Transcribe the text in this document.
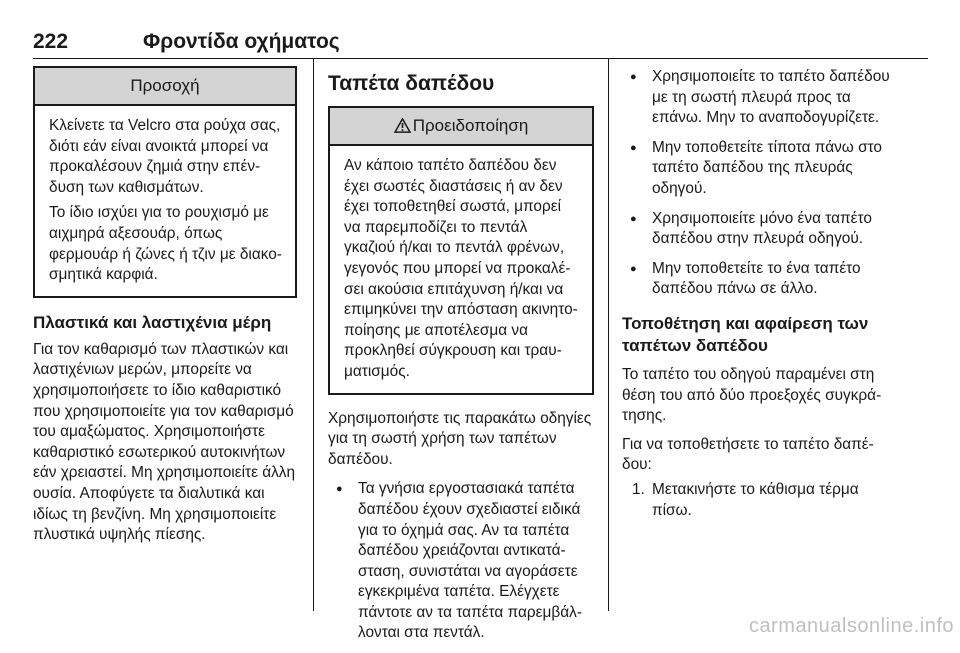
222	Φροντίδα οχήματος
Προσοχή

Κλείνετε τα Velcro στα ρούχα σας, διότι εάν είναι ανοικτά μπορεί να προκαλέσουν ζημιά στην επένδυση των καθισμάτων.

Το ίδιο ισχύει για το ρουχισμό με αιχμηρά αξεσουάρ, όπως φερμουάρ ή ζώνες ή τζιν με διακοσμητικά καρφιά.

Πλαστικά και λαστιχένια μέρη

Για τον καθαρισμό των πλαστικών και λαστιχένιων μερών, μπορείτε να χρησιμοποιήσετε το ίδιο καθαριστικό που χρησιμοποιείτε για τον καθαρισμό του αμαξώματος. Χρησιμοποιήστε καθαριστικό εσωτερικού αυτοκινήτων εάν χρειαστεί. Μη χρησιμοποιείτε άλλη ουσία. Αποφύγετε τα διαλυτικά και ιδίως τη βενζίνη. Μη χρησιμοποιείτε πλυστικά υψηλής πίεσης.

Ταπέτα δαπέδου
Προειδοποίηση

Αν κάποιο ταπέτο δαπέδου δεν έχει σωστές διαστάσεις ή αν δεν έχει τοποθετηθεί σωστά, μπορεί να παρεμποδίζει το πεντάλ γκαζιού ή/και το πεντάλ φρένων, γεγονός που μπορεί να προκαλέσει ακούσια επιτάχυνση ή/και να επιμηκύνει την απόσταση ακινητοποίησης με αποτέλεσμα να προκληθεί σύγκρουση και τραυματισμός.

Χρησιμοποιήστε τις παρακάτω οδηγίες για τη σωστή χρήση των ταπέτων δαπέδου.

● Τα γνήσια εργοστασιακά ταπέτα δαπέδου έχουν σχεδιαστεί ειδικά για το όχημά σας. Αν τα ταπέτα δαπέδου χρειάζονται αντικατάσταση, συνιστάται να αγοράσετε εγκεκριμένα ταπέτα. Ελέγχετε πάντοτε αν τα ταπέτα παρεμβάλλονται στα πεντάλ.
● Χρησιμοποιείτε το ταπέτο δαπέδου με τη σωστή πλευρά προς τα επάνω. Μην το αναποδογυρίζετε.
● Μην τοποθετείτε τίποτα πάνω στο ταπέτο δαπέδου της πλευράς οδηγού.
● Χρησιμοποιείτε μόνο ένα ταπέτο δαπέδου στην πλευρά οδηγού.
● Μην τοποθετείτε το ένα ταπέτο δαπέδου πάνω σε άλλο.
Τοποθέτηση και αφαίρεση των ταπέτων δαπέδου

Το ταπέτο του οδηγού παραμένει στη θέση του από δύο προεξοχές συγκράτησης.

Για να τοποθετήσετε το ταπέτο δαπέδου:

1. Μετακινήστε το κάθισμα τέρμα πίσω.
carmanualsonline.info
